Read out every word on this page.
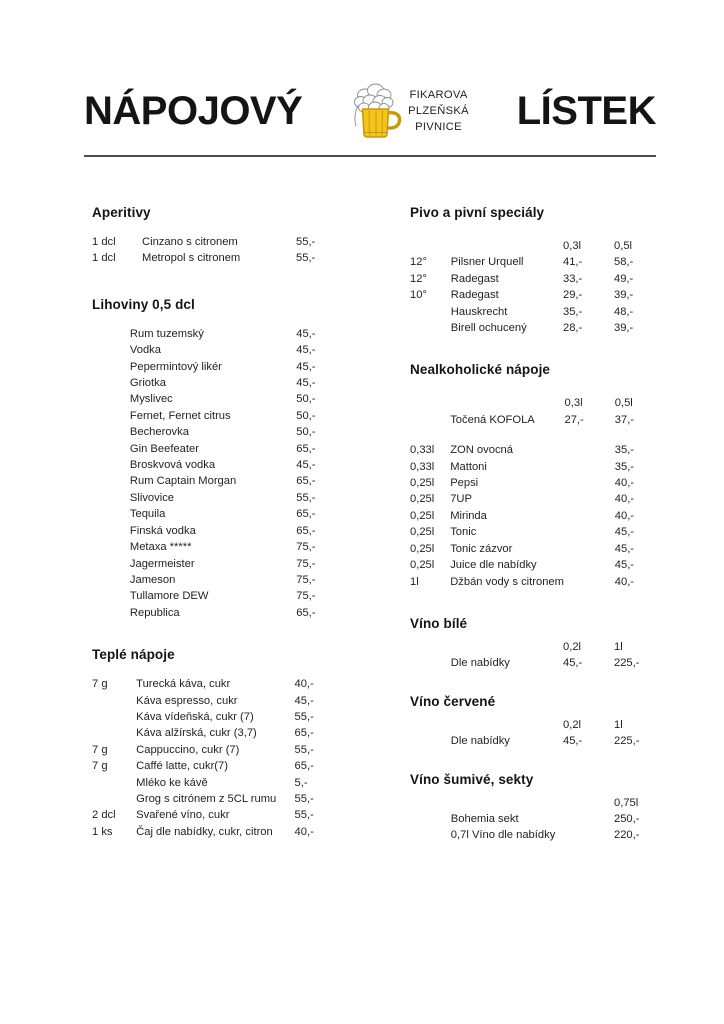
NÁPOJOVÝ	FIKAROVA
PLZEŇSKÁ
PIVNICE LÍSTEK
Aperitivy
1 dcl	Cinzano s citronem	55,-
1 dcl	Metropol s citronem	55,-
Lihoviny 0,5 dcl
	Rum tuzemský	45,-
	Vodka	45,-
	Pepermintový likér	45,-
	Griotka	45,-
	Myslivec	50,-
	Fernet, Fernet citrus	50,-
	Becherovka	50,-
	Gin Beefeater	65,-
	Broskvová vodka	45,-
	Rum Captain Morgan	65,-
	Slivovice	55,-
	Tequila	65,-
	Finská vodka	65,-
	Metaxa *****	75,-
	Jagermeister	75,-
	Jameson	75,-
	Tullamore DEW	75,-
	Republica	65,-
Teplé nápoje
7 g	Turecká káva, cukr	40,-
	Káva espresso, cukr	45,-
	Káva vídeňská, cukr (7)	55,-
	Káva alžírská, cukr (3,7)	65,-
7 g	Cappuccino, cukr (7)	55,-
7 g	Caffé latte, cukr(7)	65,-
	Mléko ke kávě	5,-
	Grog s citrónem z 5CL rumu	55,-
2 dcl	Svařené víno, cukr	55,-
1 ks	Čaj dle nabídky, cukr, citron	40,-
Pivo a pivní speciály
		0,3l	0,5l
12°	Pilsner Urquell	41,-	58,-
12°	Radegast	33,-	49,-
10°	Radegast	29,-	39,-
	Hauskrecht	35,-	48,-
	Birell ochucený	28,-	39,-
Nealkoholické nápoje
		0,3l	0,5l
	Točená KOFOLA	27,-	37,-

0,33l	ZON ovocná		35,-
0,33l	Mattoni		35,-
0,25l	Pepsi		40,-
0,25l	7UP		40,-
0,25l	Mirinda		40,-
0,25l	Tonic		45,-
0,25l	Tonic zázvor		45,-
0,25l	Juice dle nabídky		45,-
1l	Džbán vody s citronem		40,-
Víno bílé
		0,2l	1l
	Dle nabídky	45,-	225,-
Víno červené
		0,2l	1l
	Dle nabídky	45,-	225,-
Víno šumivé, sekty
			0,75l
	Bohemia sekt		250,-
	0,7l Víno dle nabídky		220,-
